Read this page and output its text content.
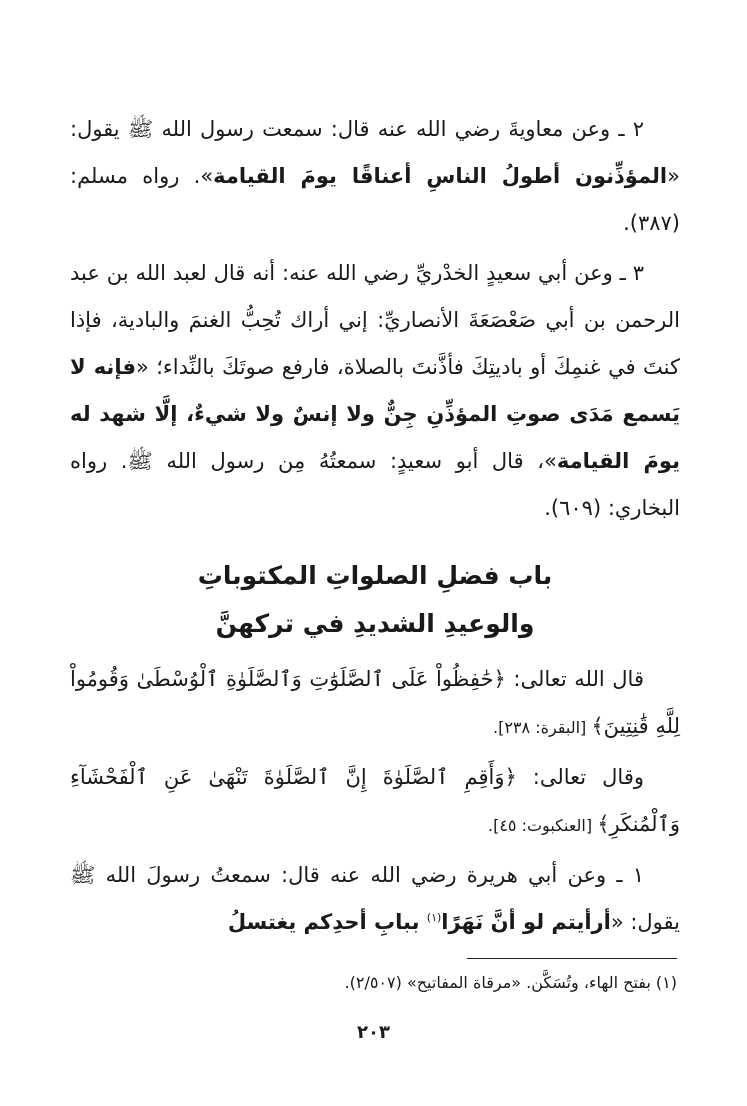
٢ ـ وعن معاويةَ رضي الله عنه قال: سمعت رسول الله ﷺ يقول: «المؤذِّنون أطولُ الناسِ أعناقًا يومَ القيامة». رواه مسلم: (٣٨٧).

٣ ـ وعن أبي سعيدٍ الخدْريِّ رضي الله عنه: أنه قال لعبد الله بن عبد الرحمن بن أبي صَعْصَعَةَ الأنصاريِّ: إني أراك تُحِبُّ الغنمَ والبادية، فإذا كنتَ في غنمِكَ أو باديتِكَ فأذَّنتَ بالصلاة، فارفع صوتَكَ بالنِّداء؛ «فإنه لا يَسمع مَدَى صوتِ المؤذِّنِ جِنٌّ ولا إنسٌ ولا شيءٌ، إلَّا شهد له يومَ القيامة»، قال أبو سعيدٍ: سمعتُهُ مِن رسول الله ﷺ. رواه البخاري: (٦٠٩).

باب فضلِ الصلواتِ المكتوباتِ
والوعيدِ الشديدِ في تركهنَّ

قال الله تعالى: ﴿حَٰفِظُواْ عَلَى ٱلصَّلَوَٰتِ وَٱلصَّلَوٰةِ ٱلْوُسْطَىٰ وَقُومُواْ لِلَّهِ قَٰنِتِينَ﴾ [البقرة: ٢٣٨].

وقال تعالى: ﴿وَأَقِمِ ٱلصَّلَوٰةَ إِنَّ ٱلصَّلَوٰةَ تَنْهَىٰ عَنِ ٱلْفَحْشَآءِ وَٱلْمُنكَرِ﴾ [العنكبوت: ٤٥].

١ ـ وعن أبي هريرة رضي الله عنه قال: سمعتُ رسولَ الله ﷺ يقول: «أرأيتم لو أنَّ نَهَرًا$^{(١)}$ ببابِ أحدِكم يغتسلُ

(١) بفتح الهاء، وتُسَكَّن. «مرقاة المفاتيح» (٢/٥٠٧).
٢٠٣
